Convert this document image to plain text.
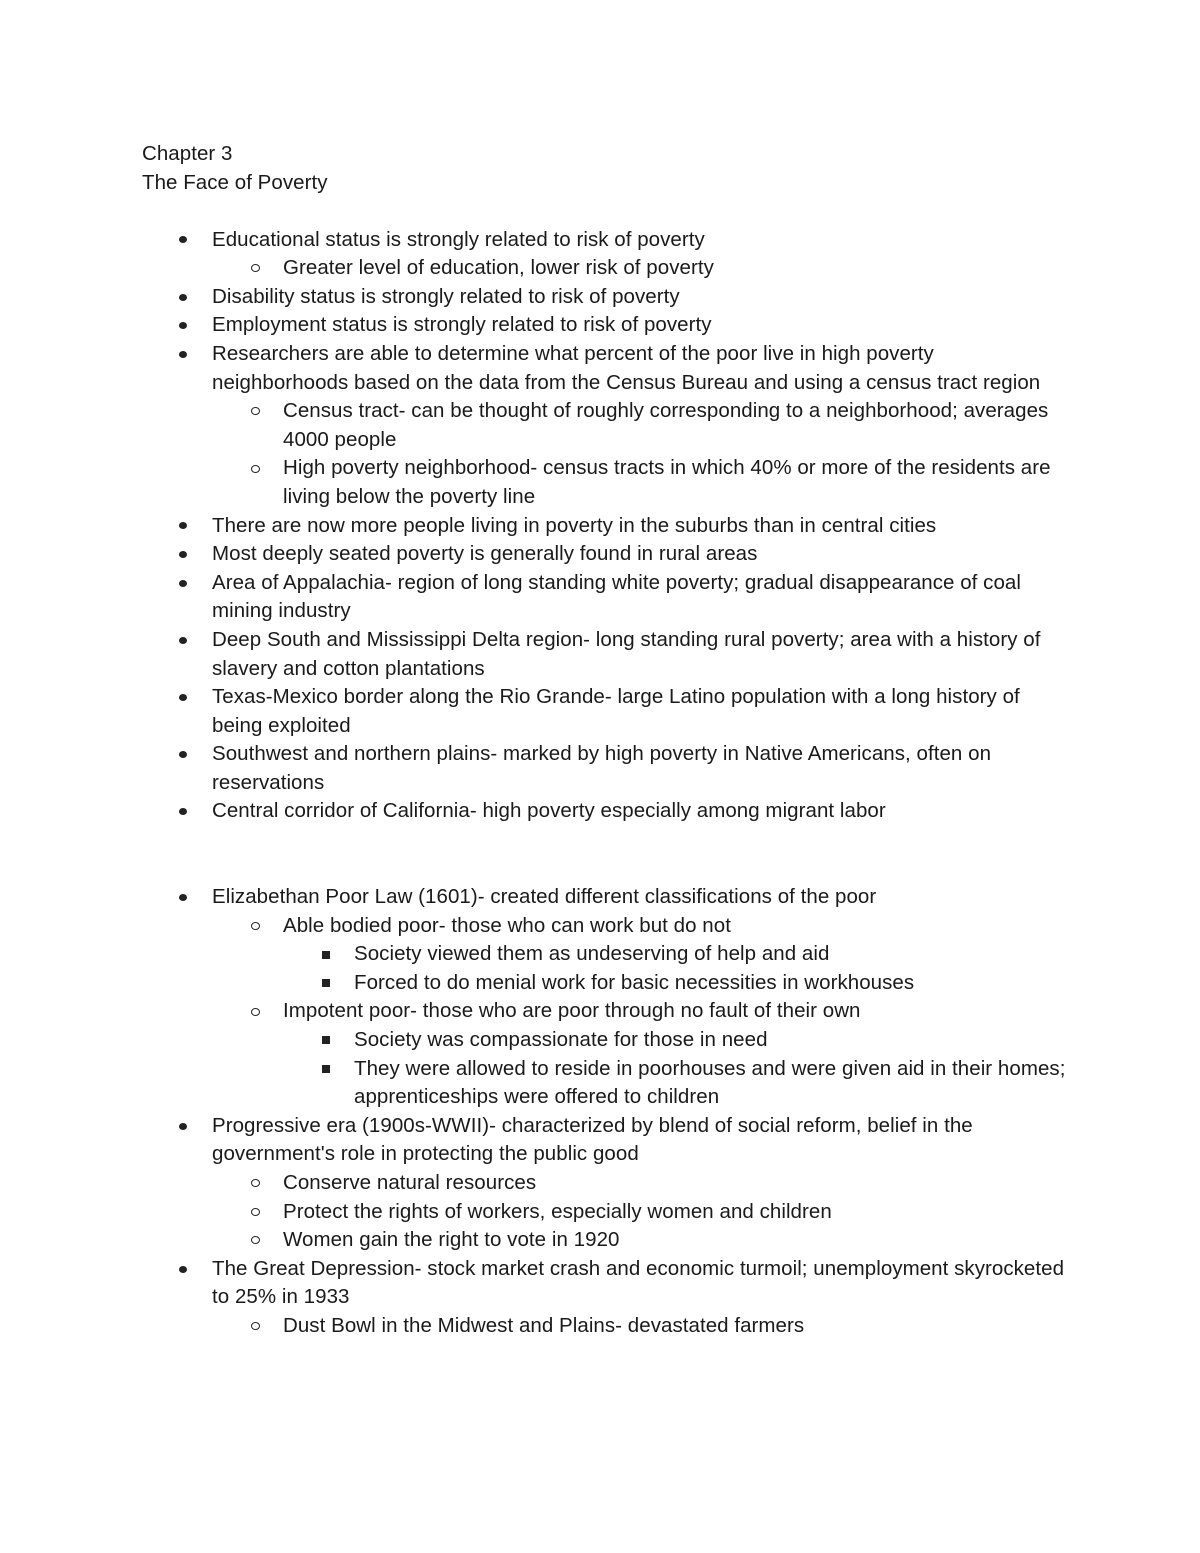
Chapter 3

The Face of Poverty

Educational status is strongly related to risk of poverty
Greater level of education, lower risk of poverty
Disability status is strongly related to risk of poverty
Employment status is strongly related to risk of poverty
Researchers are able to determine what percent of the poor live in high poverty neighborhoods based on the data from the Census Bureau and using a census tract region
Census tract- can be thought of roughly corresponding to a neighborhood; averages 4000 people
High poverty neighborhood- census tracts in which 40% or more of the residents are living below the poverty line
There are now more people living in poverty in the suburbs than in central cities
Most deeply seated poverty is generally found in rural areas
Area of Appalachia- region of long standing white poverty; gradual disappearance of coal mining industry
Deep South and Mississippi Delta region- long standing rural poverty; area with a history of slavery and cotton plantations
Texas-Mexico border along the Rio Grande- large Latino population with a long history of being exploited
Southwest and northern plains- marked by high poverty in Native Americans, often on reservations
Central corridor of California- high poverty especially among migrant labor
Elizabethan Poor Law (1601)- created different classifications of the poor
Able bodied poor- those who can work but do not
Society viewed them as undeserving of help and aid
Forced to do menial work for basic necessities in workhouses
Impotent poor- those who are poor through no fault of their own
Society was compassionate for those in need
They were allowed to reside in poorhouses and were given aid in their homes; apprenticeships were offered to children
Progressive era (1900s-WWII)- characterized by blend of social reform, belief in the government's role in protecting the public good
Conserve natural resources
Protect the rights of workers, especially women and children
Women gain the right to vote in 1920
The Great Depression- stock market crash and economic turmoil; unemployment skyrocketed to 25% in 1933
Dust Bowl in the Midwest and Plains- devastated farmers
